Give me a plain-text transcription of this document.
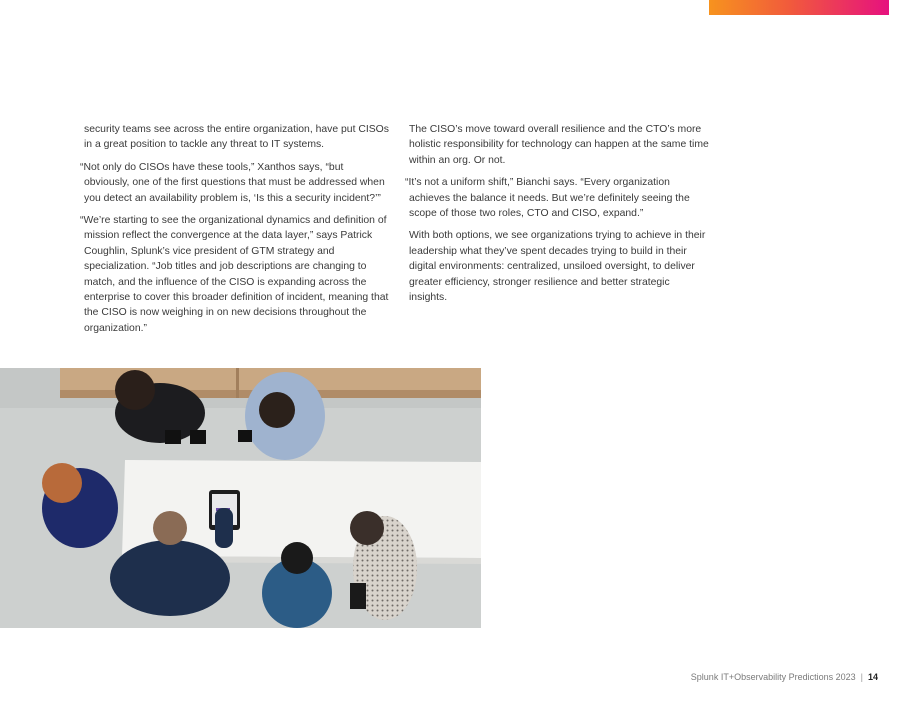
security teams see across the entire organization, have put CISOs in a great position to tackle any threat to IT systems.

“Not only do CISOs have these tools,” Xanthos says, “but obviously, one of the first questions that must be addressed when you detect an availability problem is, ‘Is this a security incident?’”

“We’re starting to see the organizational dynamics and definition of mission reflect the convergence at the data layer,” says Patrick Coughlin, Splunk’s vice president of GTM strategy and specialization. “Job titles and job descriptions are changing to match, and the influence of the CISO is expanding across the enterprise to cover this broader definition of incident, meaning that the CISO is now weighing in on new decisions throughout the organization.”

The CISO’s move toward overall resilience and the CTO’s more holistic responsibility for technology can happen at the same time within an org. Or not.

“It’s not a uniform shift,” Bianchi says. “Every organization achieves the balance it needs. But we’re definitely seeing the scope of those two roles, CTO and CISO, expand.”

With both options, we see organizations trying to achieve in their leadership what they’ve spent decades trying to build in their digital environments: centralized, unsiloed oversight, to deliver greater efficiency, stronger resilience and better strategic insights.

Splunk IT+Observability Predictions 2023 | 14
